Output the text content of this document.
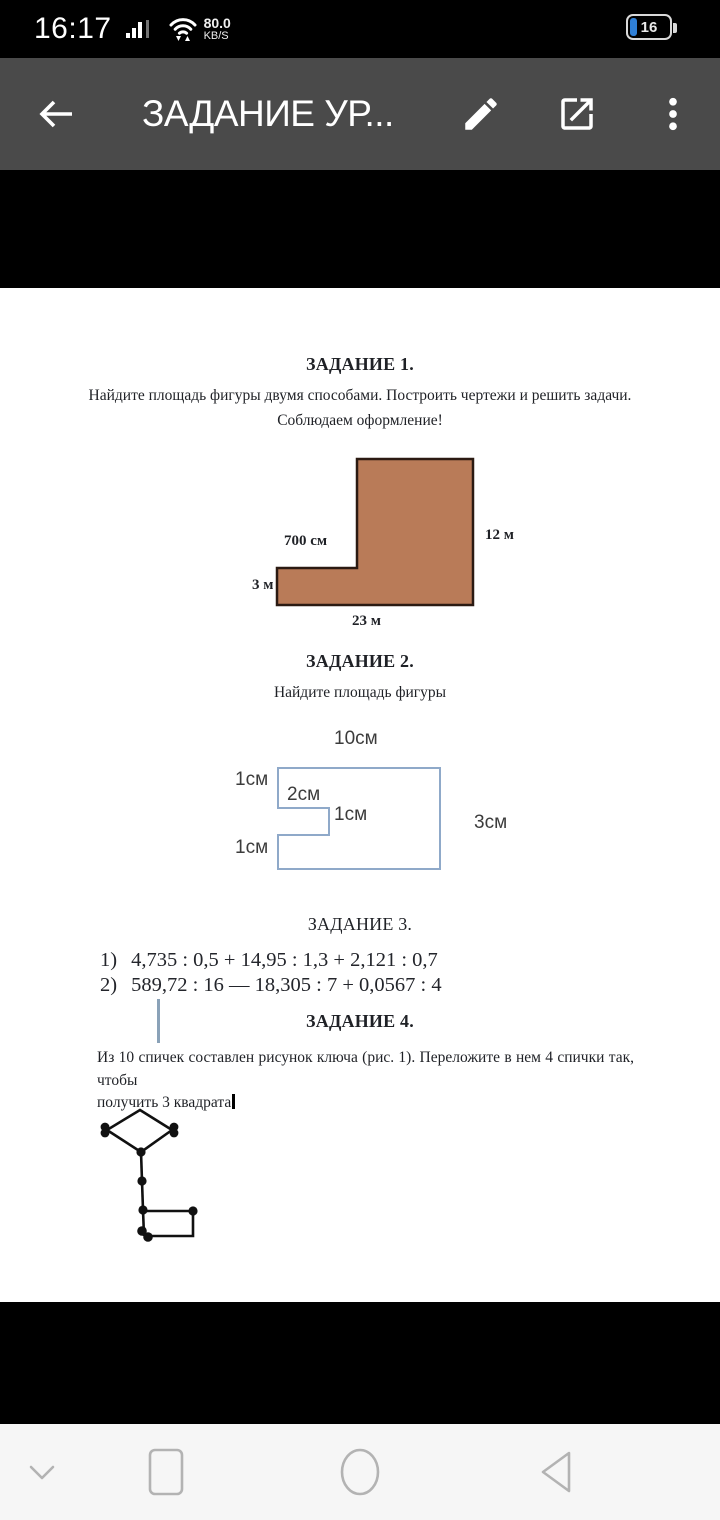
16:17	80.0
KB/S
16
ЗАДАНИЕ УР...
ЗАДАНИЕ 1.
Найдите площадь фигуры двумя способами. Построить чертежи и решить задачи.
Соблюдаем оформление!
700 см	12 м
3 м
23 м
ЗАДАНИЕ 2.
Найдите площадь фигуры
10см
1см
2см
1см
1см
3см
ЗАДАНИЕ 3.
1) 4,735 : 0,5 + 14,95 : 1,3 + 2,121 : 0,7
2) 589,72 : 16 — 18,305 : 7 + 0,0567 : 4
ЗАДАНИЕ 4.
Из 10 спичек составлен рисунок ключа (рис. 1). Переложите в нем 4 спички так, чтобы
получить 3 квадрата
